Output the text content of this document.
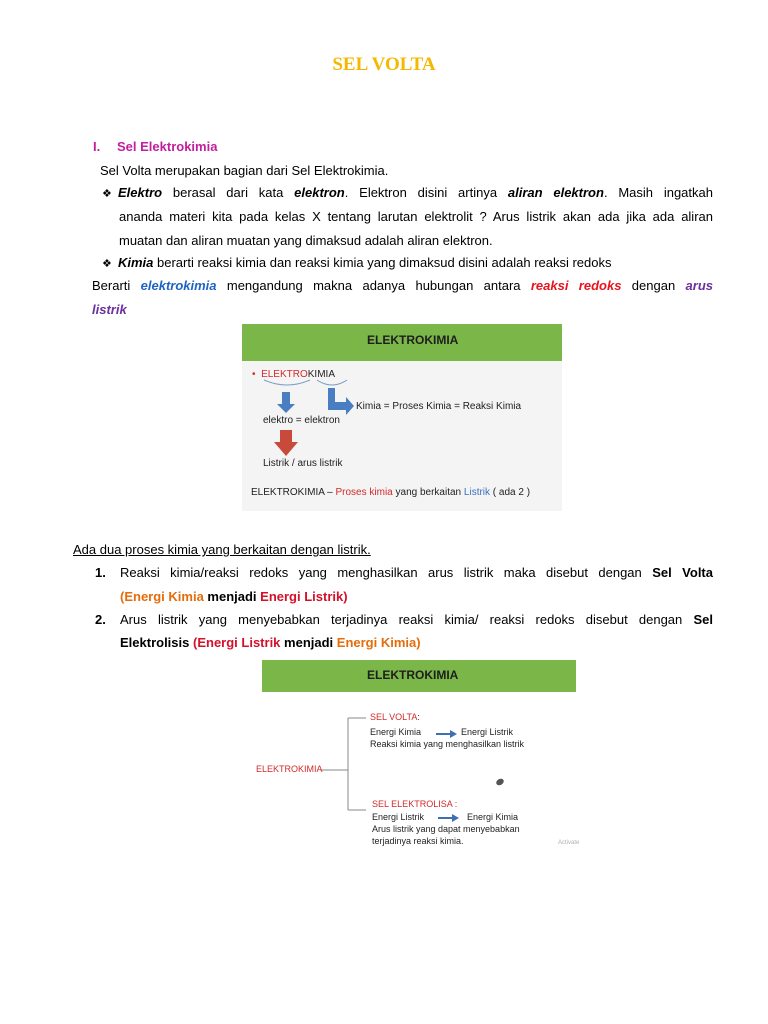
SEL VOLTA
I. Sel Elektrokimia
Sel Volta merupakan bagian dari Sel Elektrokimia.
❖ Elektro berasal dari kata elektron. Elektron disini artinya aliran elektron. Masih ingatkah
ananda materi kita pada kelas X tentang larutan elektrolit ? Arus listrik akan ada jika ada aliran
muatan dan aliran muatan yang dimaksud adalah aliran elektron.
❖ Kimia berarti reaksi kimia dan reaksi kimia yang dimaksud disini adalah reaksi redoks
Berarti elektrokimia mengandung makna adanya hubungan antara reaksi redoks dengan arus
listrik
ELEKTROKIMIA
• ELEKTROKIMIA
Kimia = Proses Kimia = Reaksi Kimia
elektro = elektron
Listrik / arus listrik
ELEKTROKIMIA – Proses kimia yang berkaitan Listrik ( ada 2 )
Ada dua proses kimia yang berkaitan dengan listrik.
1. Reaksi kimia/reaksi redoks yang menghasilkan arus listrik maka disebut dengan Sel Volta
(Energi Kimia menjadi Energi Listrik)
2. Arus listrik yang menyebabkan terjadinya reaksi kimia/ reaksi redoks disebut dengan Sel
Elektrolisis (Energi Listrik menjadi Energi Kimia)
ELEKTROKIMIA
ELEKTROKIMIA
SEL VOLTA:
Energi Kimia	Energi Listrik
Reaksi kimia yang menghasilkan listrik
SEL ELEKTROLISA :
Energi Listrik	Energi Kimia
Arus listrik yang dapat menyebabkan
terjadinya reaksi kimia.	Activate
